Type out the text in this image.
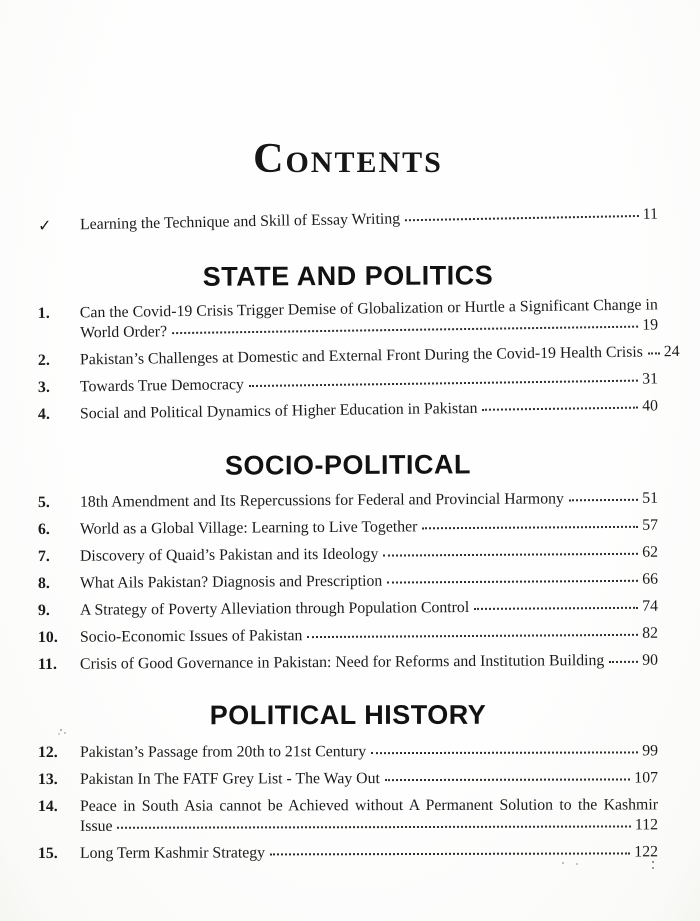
CONTENTS
✓	Learning the Technique and Skill of Essay Writing	11
STATE AND POLITICS
1.	Can the Covid-19 Crisis Trigger Demise of Globalization or Hurtle a Significant Change in
World Order?	19
2.	Pakistan’s Challenges at Domestic and External Front During the Covid-19 Health Crisis 24
3.	Towards True Democracy	31
4.	Social and Political Dynamics of Higher Education in Pakistan	40
SOCIO-POLITICAL
5.	18th Amendment and Its Repercussions for Federal and Provincial Harmony	51
6.	World as a Global Village: Learning to Live Together	57
7.	Discovery of Quaid’s Pakistan and its Ideology	62
8.	What Ails Pakistan? Diagnosis and Prescription	66
9.	A Strategy of Poverty Alleviation through Population Control	74
10.	Socio-Economic Issues of Pakistan	82
11.	Crisis of Good Governance in Pakistan: Need for Reforms and Institution Building 90
POLITICAL HISTORY
12.	Pakistan’s Passage from 20th to 21st Century	99
13.	Pakistan In The FATF Grey List - The Way Out	107
14.	Peace in South Asia cannot be Achieved without A Permanent Solution to the Kashmir
Issue	112
15.	Long Term Kashmir Strategy	122
